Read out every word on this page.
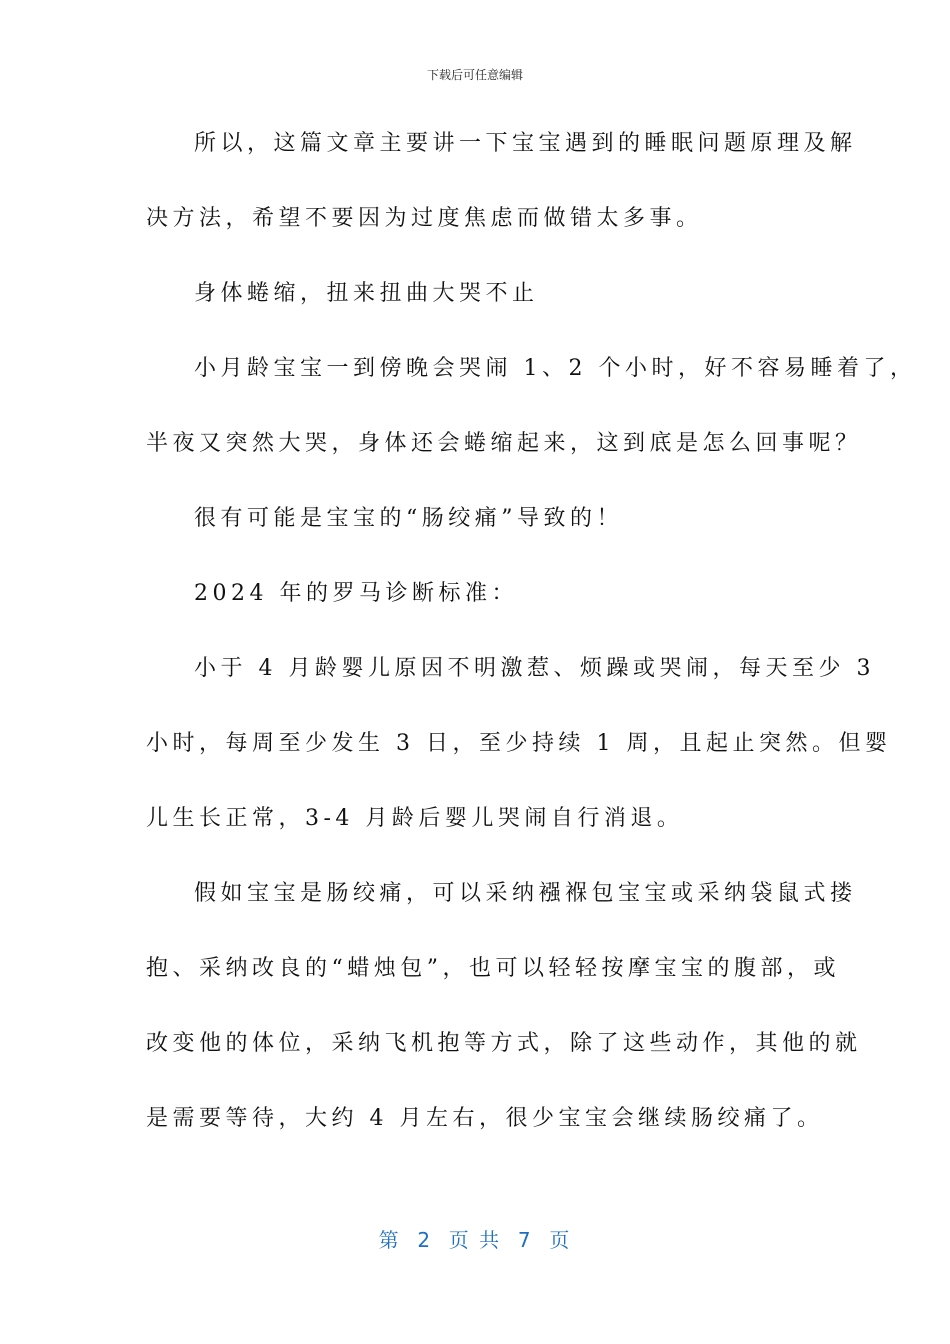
下载后可任意编辑
所以，这篇文章主要讲一下宝宝遇到的睡眠问题原理及解
决方法，希望不要因为过度焦虑而做错太多事。
身体蜷缩，扭来扭曲大哭不止
小月龄宝宝一到傍晚会哭闹 1、2 个小时，好不容易睡着了，
半夜又突然大哭，身体还会蜷缩起来，这到底是怎么回事呢？
很有可能是宝宝的“肠绞痛”导致的！
2024 年的罗马诊断标准：
小于 4 月龄婴儿原因不明激惹、烦躁或哭闹，每天至少 3
小时，每周至少发生 3 日，至少持续 1 周，且起止突然。但婴
儿生长正常，3-4 月龄后婴儿哭闹自行消退。
假如宝宝是肠绞痛，可以采纳襁褓包宝宝或采纳袋鼠式搂
抱、采纳改良的“蜡烛包”，也可以轻轻按摩宝宝的腹部，或
改变他的体位，采纳飞机抱等方式，除了这些动作，其他的就
是需要等待，大约 4 月左右，很少宝宝会继续肠绞痛了。
第  2  页 共  7  页
